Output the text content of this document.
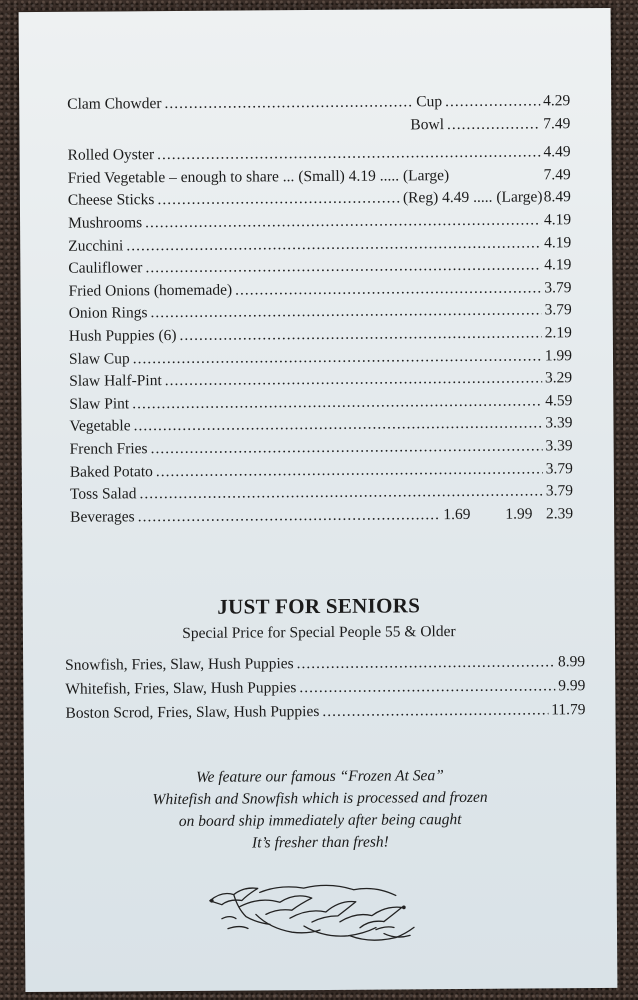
Clam Chowder .....	Cup .....	4.29
Bowl .....	7.49
Rolled Oyster .....	4.49
Fried Vegetable – enough to share ... (Small) 4.19 ..... (Large)	7.49
Cheese Sticks .....	(Reg) 4.49 ..... (Large) 8.49
Mushrooms .....	4.19
Zucchini .....	4.19
Cauliflower .....	4.19
Fried Onions (homemade) .....	3.79
Onion Rings .....	3.79
Hush Puppies (6) .....	2.19
Slaw Cup .....	1.99
Slaw Half-Pint .....	3.29
Slaw Pint .....	4.59
Vegetable .....	3.39
French Fries .....	3.39
Baked Potato .....	3.79
Toss Salad .....	3.79
Beverages .....	1.69         1.99 2.39
JUST FOR SENIORS
Special Price for Special People 55 & Older
Snowfish, Fries, Slaw, Hush Puppies .....	8.99
Whitefish, Fries, Slaw, Hush Puppies .....	9.99
Boston Scrod, Fries, Slaw, Hush Puppies .....	11.79
We feature our famous “Frozen At Sea”
Whitefish and Snowfish which is processed and frozen
on board ship immediately after being caught
It’s fresher than fresh!
